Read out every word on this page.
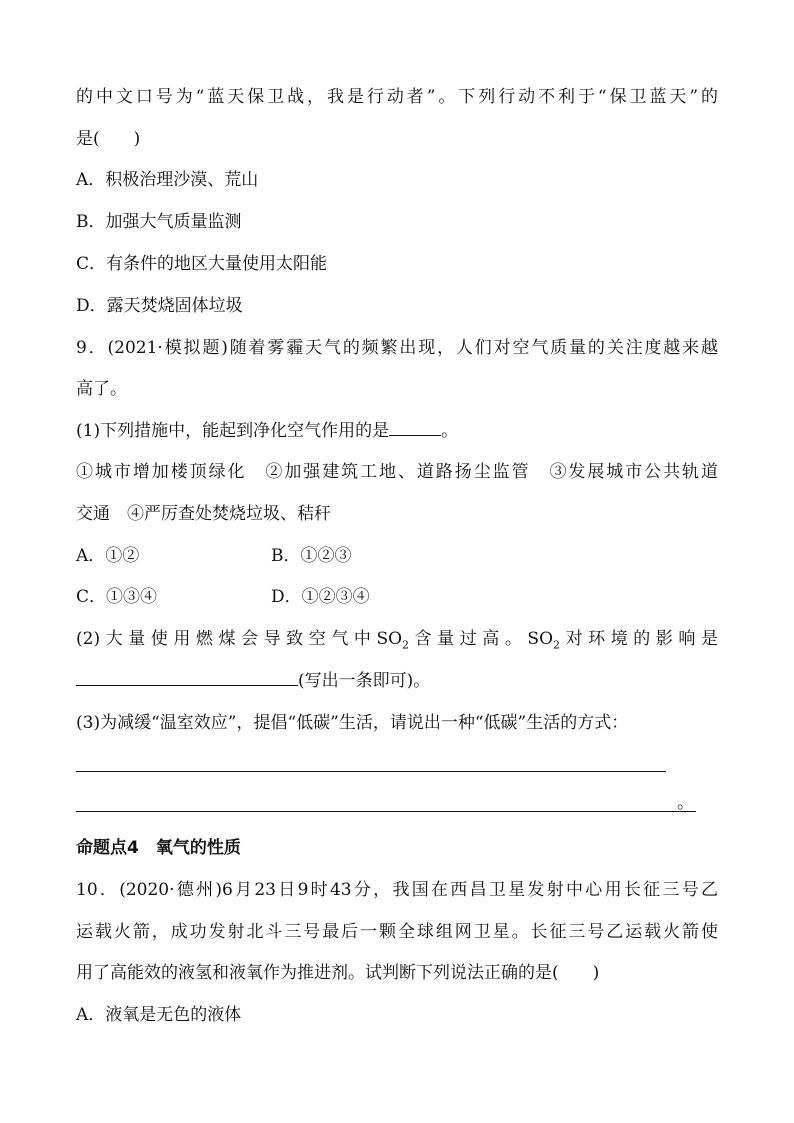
的中文口号为“蓝天保卫战，我是行动者”。下列行动不利于“保卫蓝天”的
是(　　)
A．积极治理沙漠、荒山
B．加强大气质量监测
C．有条件的地区大量使用太阳能
D．露天焚烧固体垃圾
9．(2021·模拟题)随着雾霾天气的频繁出现，人们对空气质量的关注度越来越
高了。
(1)下列措施中，能起到净化空气作用的是	。
①城市增加楼顶绿化　②加强建筑工地、道路扬尘监管　③发展城市公共轨道
交通　④严厉查处焚烧垃圾、秸秆
A．①②	B．①②③
C．①③④	D．①②③④
(2)大量使用燃煤会导致空气中$SO_2$含量过高。$SO_2$对环境的影响是
(写出一条即可)。
(3)为减缓“温室效应”，提倡“低碳”生活，请说出一种“低碳”生活的方式：
。
命题点4　氧气的性质
10．(2020·德州)6月23日9时43分，我国在西昌卫星发射中心用长征三号乙
运载火箭，成功发射北斗三号最后一颗全球组网卫星。长征三号乙运载火箭使
用了高能效的液氢和液氧作为推进剂。试判断下列说法正确的是(　　)
A．液氧是无色的液体
